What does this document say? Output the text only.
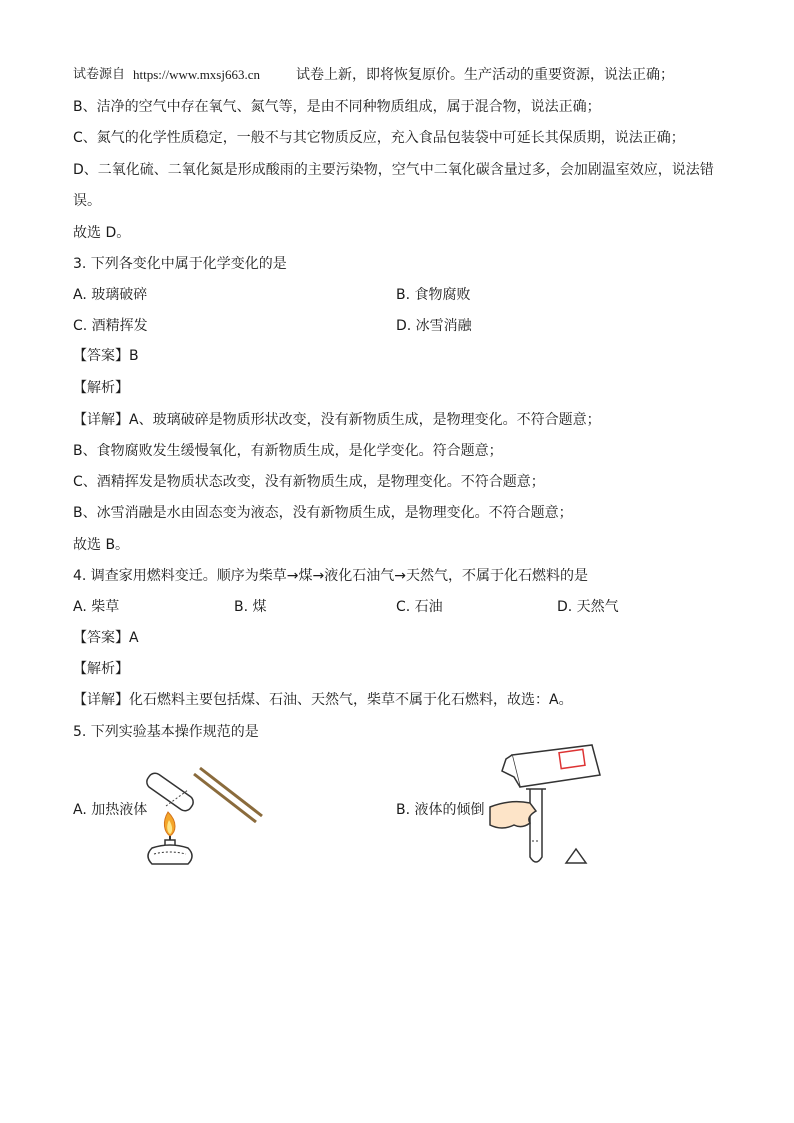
试卷源自 https://www.mxsj663.cn	试卷上新，即将恢复原价。生产活动的重要资源，说法正确；
B、洁净的空气中存在氧气、氮气等，是由不同种物质组成，属于混合物，说法正确；
C、氮气的化学性质稳定，一般不与其它物质反应，充入食品包装袋中可延长其保质期，说法正确；
D、二氧化硫、二氧化氮是形成酸雨的主要污染物，空气中二氧化碳含量过多，会加剧温室效应，说法错
误。
故选 D。
3. 下列各变化中属于化学变化的是
A. 玻璃破碎	B. 食物腐败
C. 酒精挥发	D. 冰雪消融
【答案】B
【解析】
【详解】A、玻璃破碎是物质形状改变，没有新物质生成，是物理变化。不符合题意；
B、食物腐败发生缓慢氧化，有新物质生成，是化学变化。符合题意；
C、酒精挥发是物质状态改变，没有新物质生成，是物理变化。不符合题意；
B、冰雪消融是水由固态变为液态，没有新物质生成，是物理变化。不符合题意；
故选 B。
4. 调查家用燃料变迁。顺序为柴草→煤→液化石油气→天然气，不属于化石燃料的是
A. 柴草	B. 煤	C. 石油	D. 天然气
【答案】A
【解析】
【详解】化石燃料主要包括煤、石油、天然气，柴草不属于化石燃料，故选：A。
5. 下列实验基本操作规范的是
A. 加热液体	B. 液体的倾倒
